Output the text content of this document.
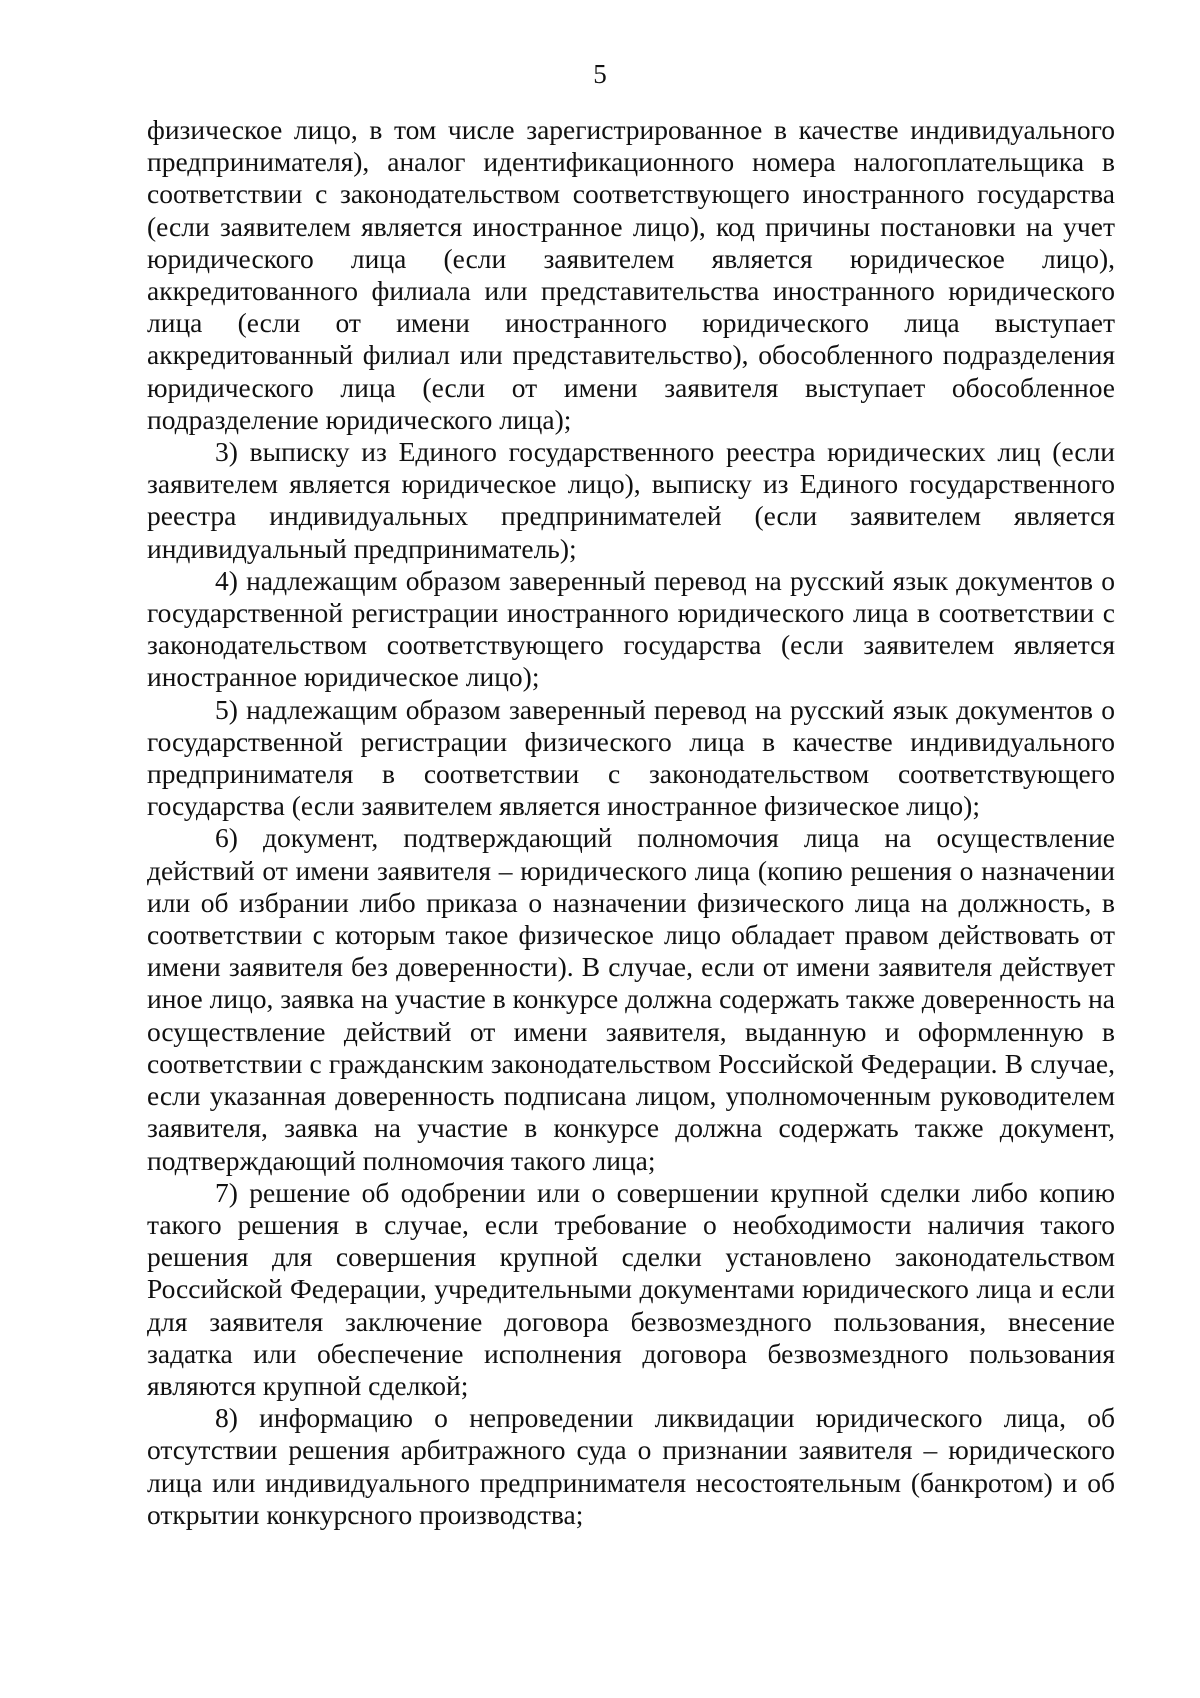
5

физическое лицо, в том числе зарегистрированное в качестве индивидуального предпринимателя), аналог идентификационного номера налогоплательщика в соответствии с законодательством соответствующего иностранного государства (если заявителем является иностранное лицо), код причины постановки на учет юридического лица (если заявителем является юридическое лицо), аккредитованного филиала или представительства иностранного юридического лица (если от имени иностранного юридического лица выступает аккредитованный филиал или представительство), обособленного подразделения юридического лица (если от имени заявителя выступает обособленное подразделение юридического лица);

3) выписку из Единого государственного реестра юридических лиц (если заявителем является юридическое лицо), выписку из Единого государственного реестра индивидуальных предпринимателей (если заявителем является индивидуальный предприниматель);

4) надлежащим образом заверенный перевод на русский язык документов о государственной регистрации иностранного юридического лица в соответствии с законодательством соответствующего государства (если заявителем является иностранное юридическое лицо);

5) надлежащим образом заверенный перевод на русский язык документов о государственной регистрации физического лица в качестве индивидуального предпринимателя в соответствии с законодательством соответствующего государства (если заявителем является иностранное физическое лицо);

6) документ, подтверждающий полномочия лица на осуществление действий от имени заявителя – юридического лица (копию решения о назначении или об избрании либо приказа о назначении физического лица на должность, в соответствии с которым такое физическое лицо обладает правом действовать от имени заявителя без доверенности). В случае, если от имени заявителя действует иное лицо, заявка на участие в конкурсе должна содержать также доверенность на осуществление действий от имени заявителя, выданную и оформленную в соответствии с гражданским законодательством Российской Федерации. В случае, если указанная доверенность подписана лицом, уполномоченным руководителем заявителя, заявка на участие в конкурсе должна содержать также документ, подтверждающий полномочия такого лица;

7) решение об одобрении или о совершении крупной сделки либо копию такого решения в случае, если требование о необходимости наличия такого решения для совершения крупной сделки установлено законодательством Российской Федерации, учредительными документами юридического лица и если для заявителя заключение договора безвозмездного пользования, внесение задатка или обеспечение исполнения договора безвозмездного пользования являются крупной сделкой;

8) информацию о непроведении ликвидации юридического лица, об отсутствии решения арбитражного суда о признании заявителя – юридического лица или индивидуального предпринимателя несостоятельным (банкротом) и об открытии конкурсного производства;
